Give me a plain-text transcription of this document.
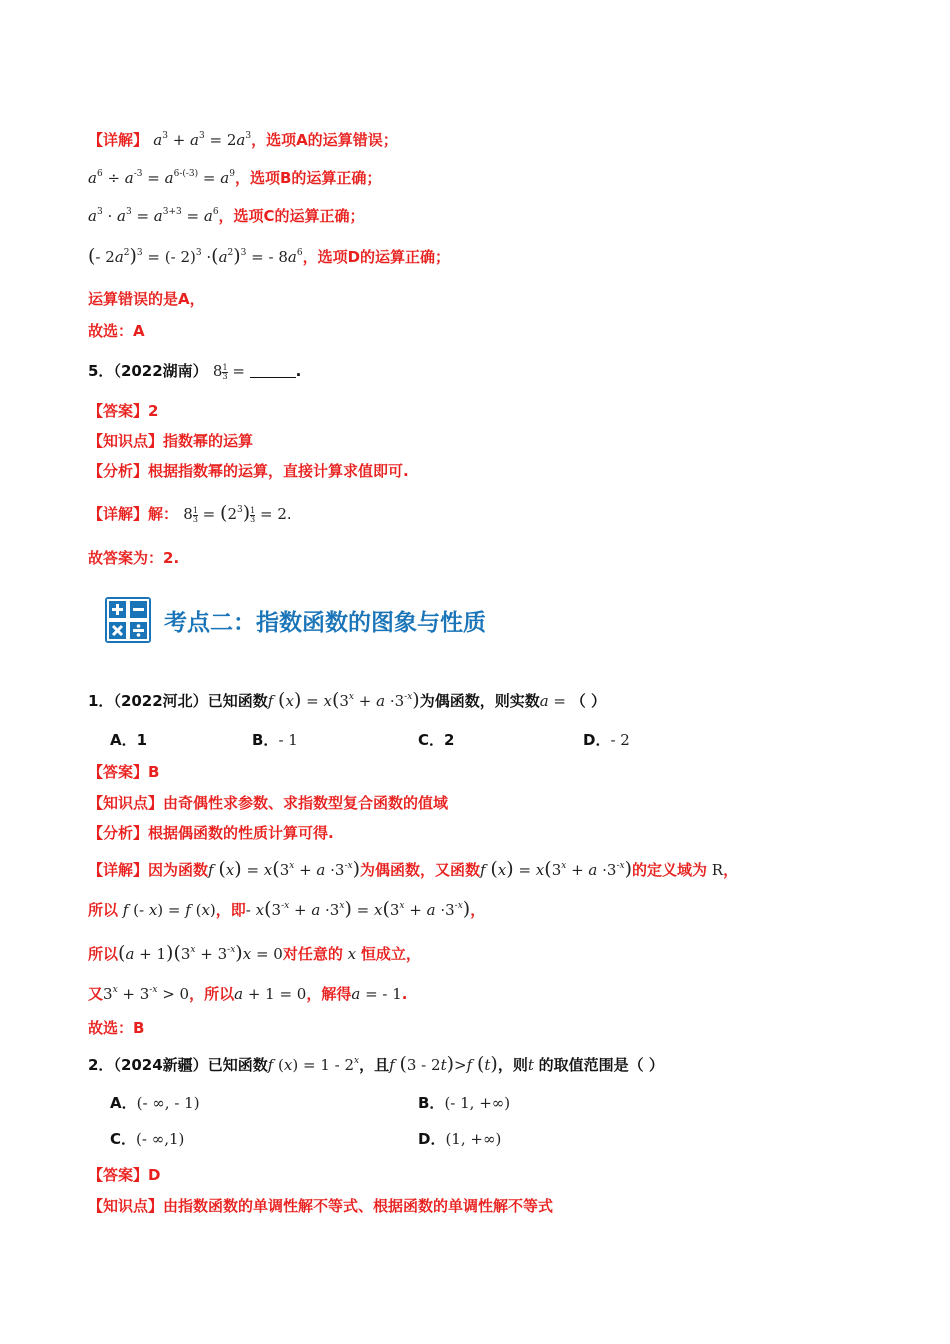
【详解】 $a^3 + a^3 = 2a^3$，选项A的运算错误；
$a^6 \div a^{-3} = a^{6-(-3)} = a^9$，选项B的运算正确；
$a^3 \cdot a^3 = a^{3+3} = a^6$，选项C的运算正确；
(- $2a^2)^3$ = (- $2)^3 \cdot(a^2)^3$ = - $8a^6$，选项D的运算正确；
运算错误的是A，
故选：A
5．（2022湖南） $8 \frac{1}{3}$ =	.
【答案】2
【知识点】指数幂的运算
【分析】根据指数幂的运算，直接计算求值即可.
【详解】解： $8 \frac{1}{3} = (2^3) \frac{1}{3} = 2$.
故答案为：2.
考点二：指数函数的图象与性质
1．（2022河北）已知函数f $(x) = x(3^x + a \cdot 3^{-x})$为偶函数，则实数a = （ ）
A．1	B．- 1	C．2	D．- 2
【答案】B
【知识点】由奇偶性求参数、求指数型复合函数的值域
【分析】根据偶函数的性质计算可得.
【详解】因为函数f $(x) = x(3^x + a \cdot 3^{-x})$为偶函数，又函数f $(x) = x(3^x + a \cdot 3^{-x})$的定义域为 R，
所以 f (- x) = f (x)，即- $x(3^{-x} + a \cdot 3^x) = x(3^x + a \cdot 3^{-x})$，
所以$(a + 1)(3^x + 3^{-x})x = 0$对任意的 x 恒成立，
又$3^x + 3^{-x} > 0$，所以a + 1 = 0，解得a = - 1.
故选：B
2．（2024新疆）已知函数f (x) = 1 - 2$^x$，且f (3 - 2t)>f (t)，则t 的取值范围是（ ）
A．(- ∞, - 1)	B．(- 1, +∞)
C．(- ∞,1)	D．(1, +∞)
【答案】D
【知识点】由指数函数的单调性解不等式、根据函数的单调性解不等式
